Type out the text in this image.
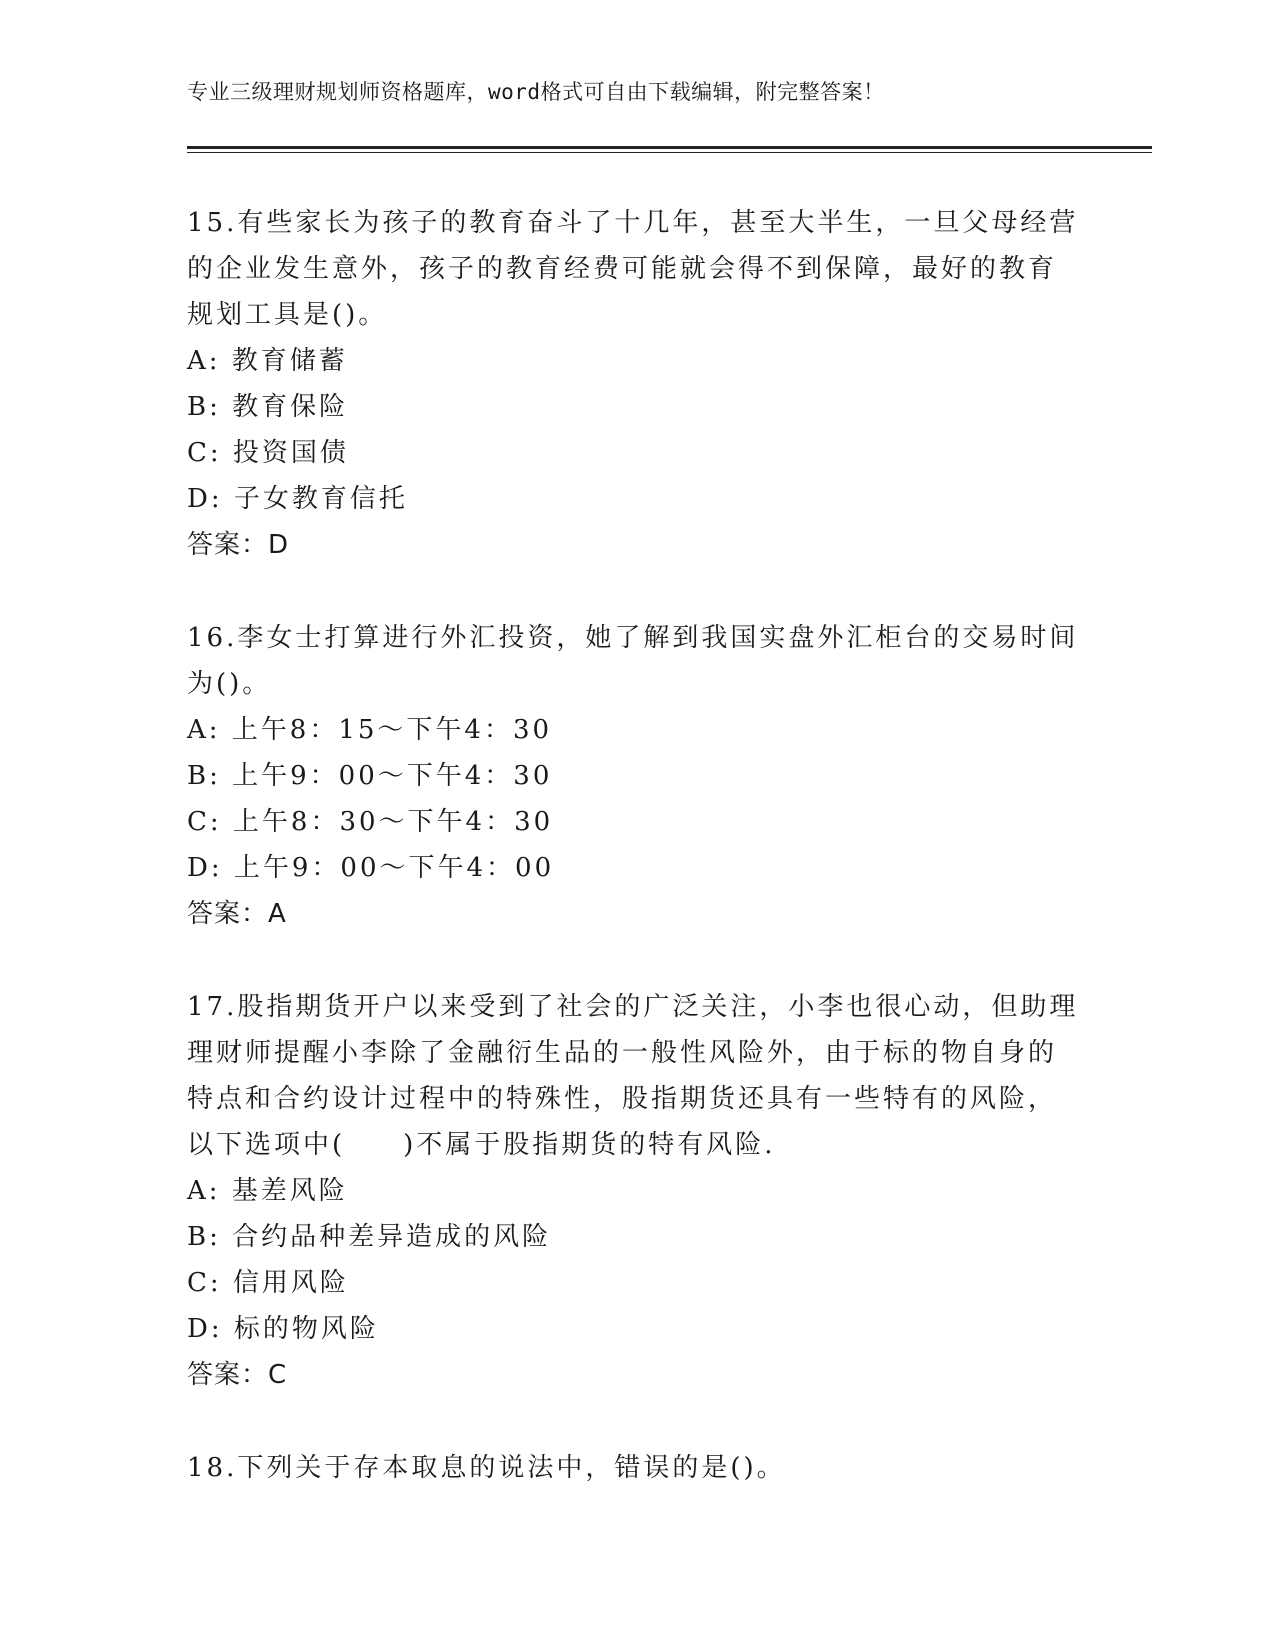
专业三级理财规划师资格题库，word格式可自由下载编辑，附完整答案！
15.有些家长为孩子的教育奋斗了十几年，甚至大半生，一旦父母经营
的企业发生意外，孩子的教育经费可能就会得不到保障，最好的教育
规划工具是()。
A: 教育储蓄
B: 教育保险
C: 投资国债
D: 子女教育信托
答案：D
16.李女士打算进行外汇投资，她了解到我国实盘外汇柜台的交易时间
为()。
A: 上午8：15～下午4：30
B: 上午9：00～下午4：30
C: 上午8：30～下午4：30
D: 上午9：00～下午4：00
答案：A
17.股指期货开户以来受到了社会的广泛关注，小李也很心动，但助理
理财师提醒小李除了金融衍生品的一般性风险外，由于标的物自身的
特点和合约设计过程中的特殊性，股指期货还具有一些特有的风险，
以下选项中(　　)不属于股指期货的特有风险.
A: 基差风险
B: 合约品种差异造成的风险
C: 信用风险
D: 标的物风险
答案：C
18.下列关于存本取息的说法中，错误的是()。
